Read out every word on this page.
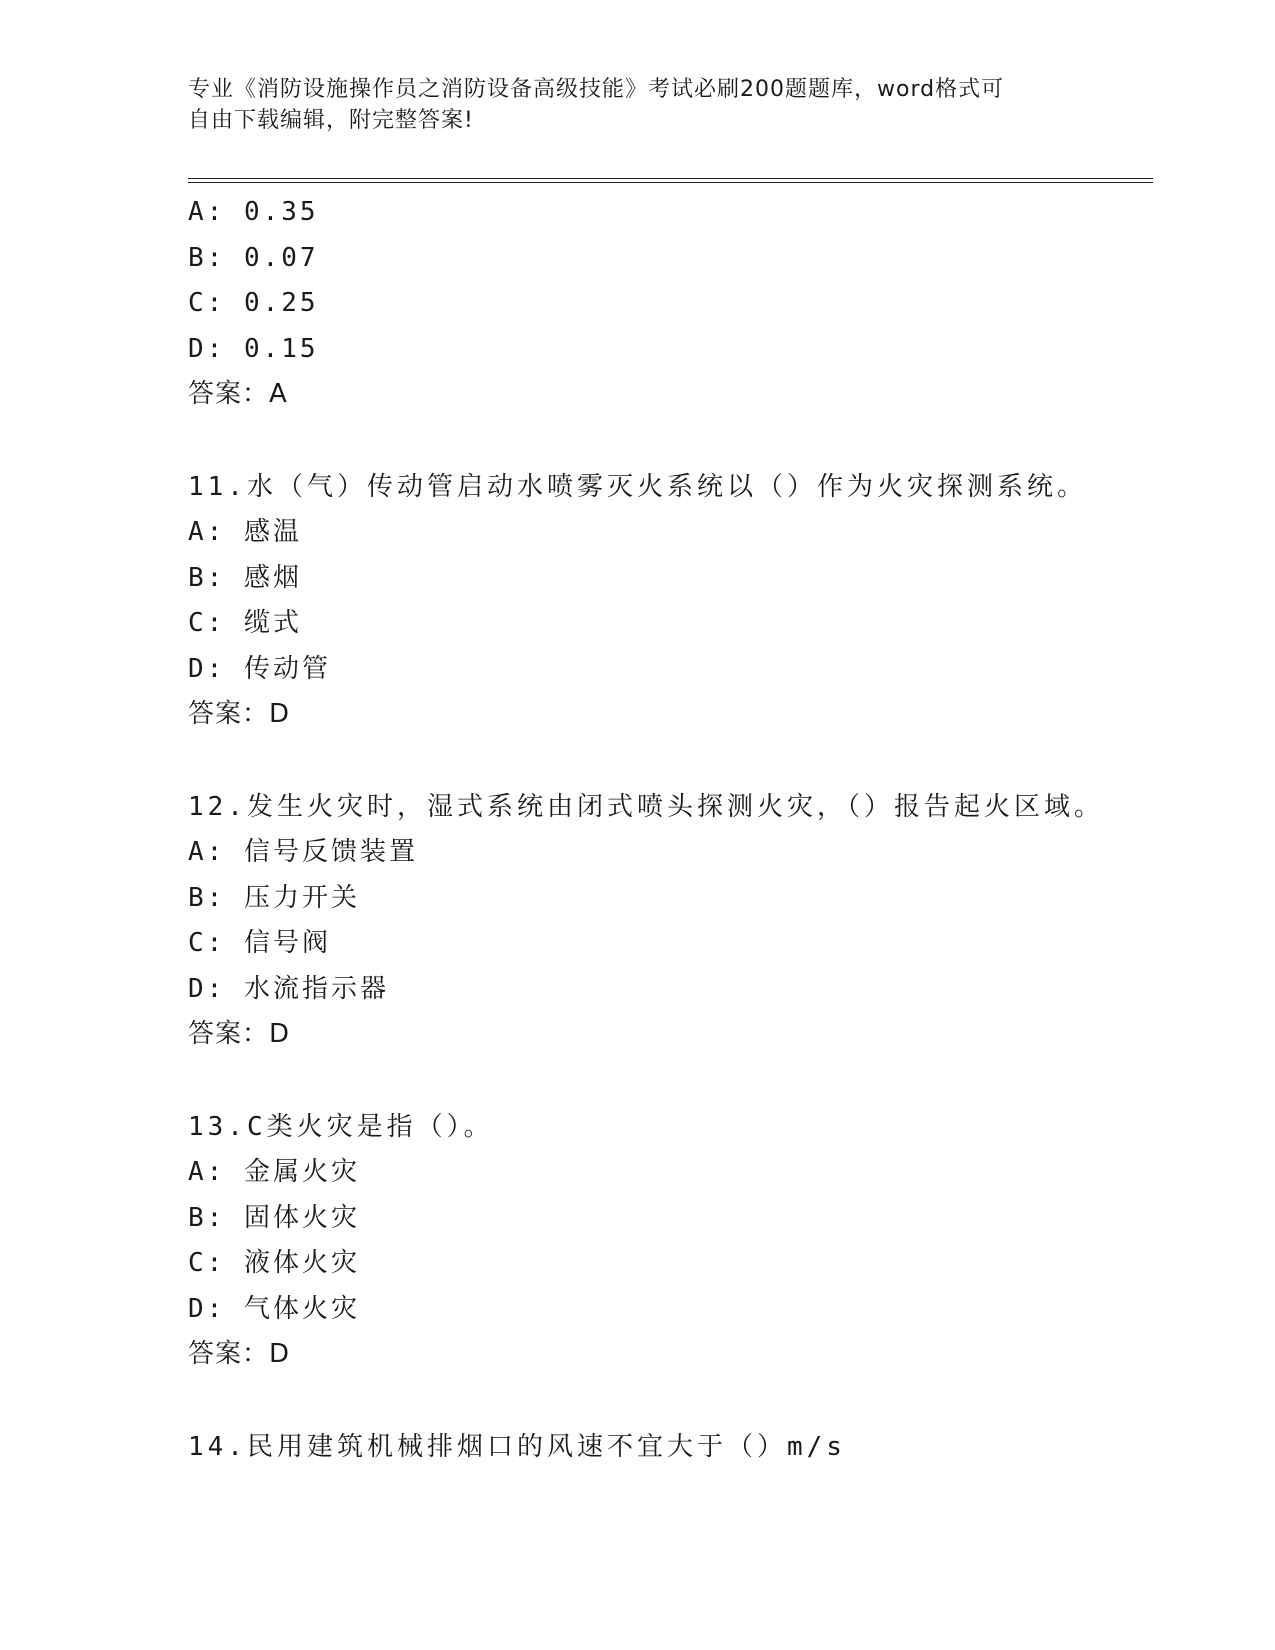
专业《消防设施操作员之消防设备高级技能》考试必刷200题题库，word格式可
自由下载编辑，附完整答案!
A: 0.35
B: 0.07
C: 0.25
D: 0.15
答案：A
11.水（气）传动管启动水喷雾灭火系统以（）作为火灾探测系统。
A: 感温
B: 感烟
C: 缆式
D: 传动管
答案：D
12.发生火灾时，湿式系统由闭式喷头探测火灾，（）报告起火区域。
A: 信号反馈装置
B: 压力开关
C: 信号阀
D: 水流指示器
答案：D
13.C类火灾是指（）。
A: 金属火灾
B: 固体火灾
C: 液体火灾
D: 气体火灾
答案：D
14.民用建筑机械排烟口的风速不宜大于（）m/s
